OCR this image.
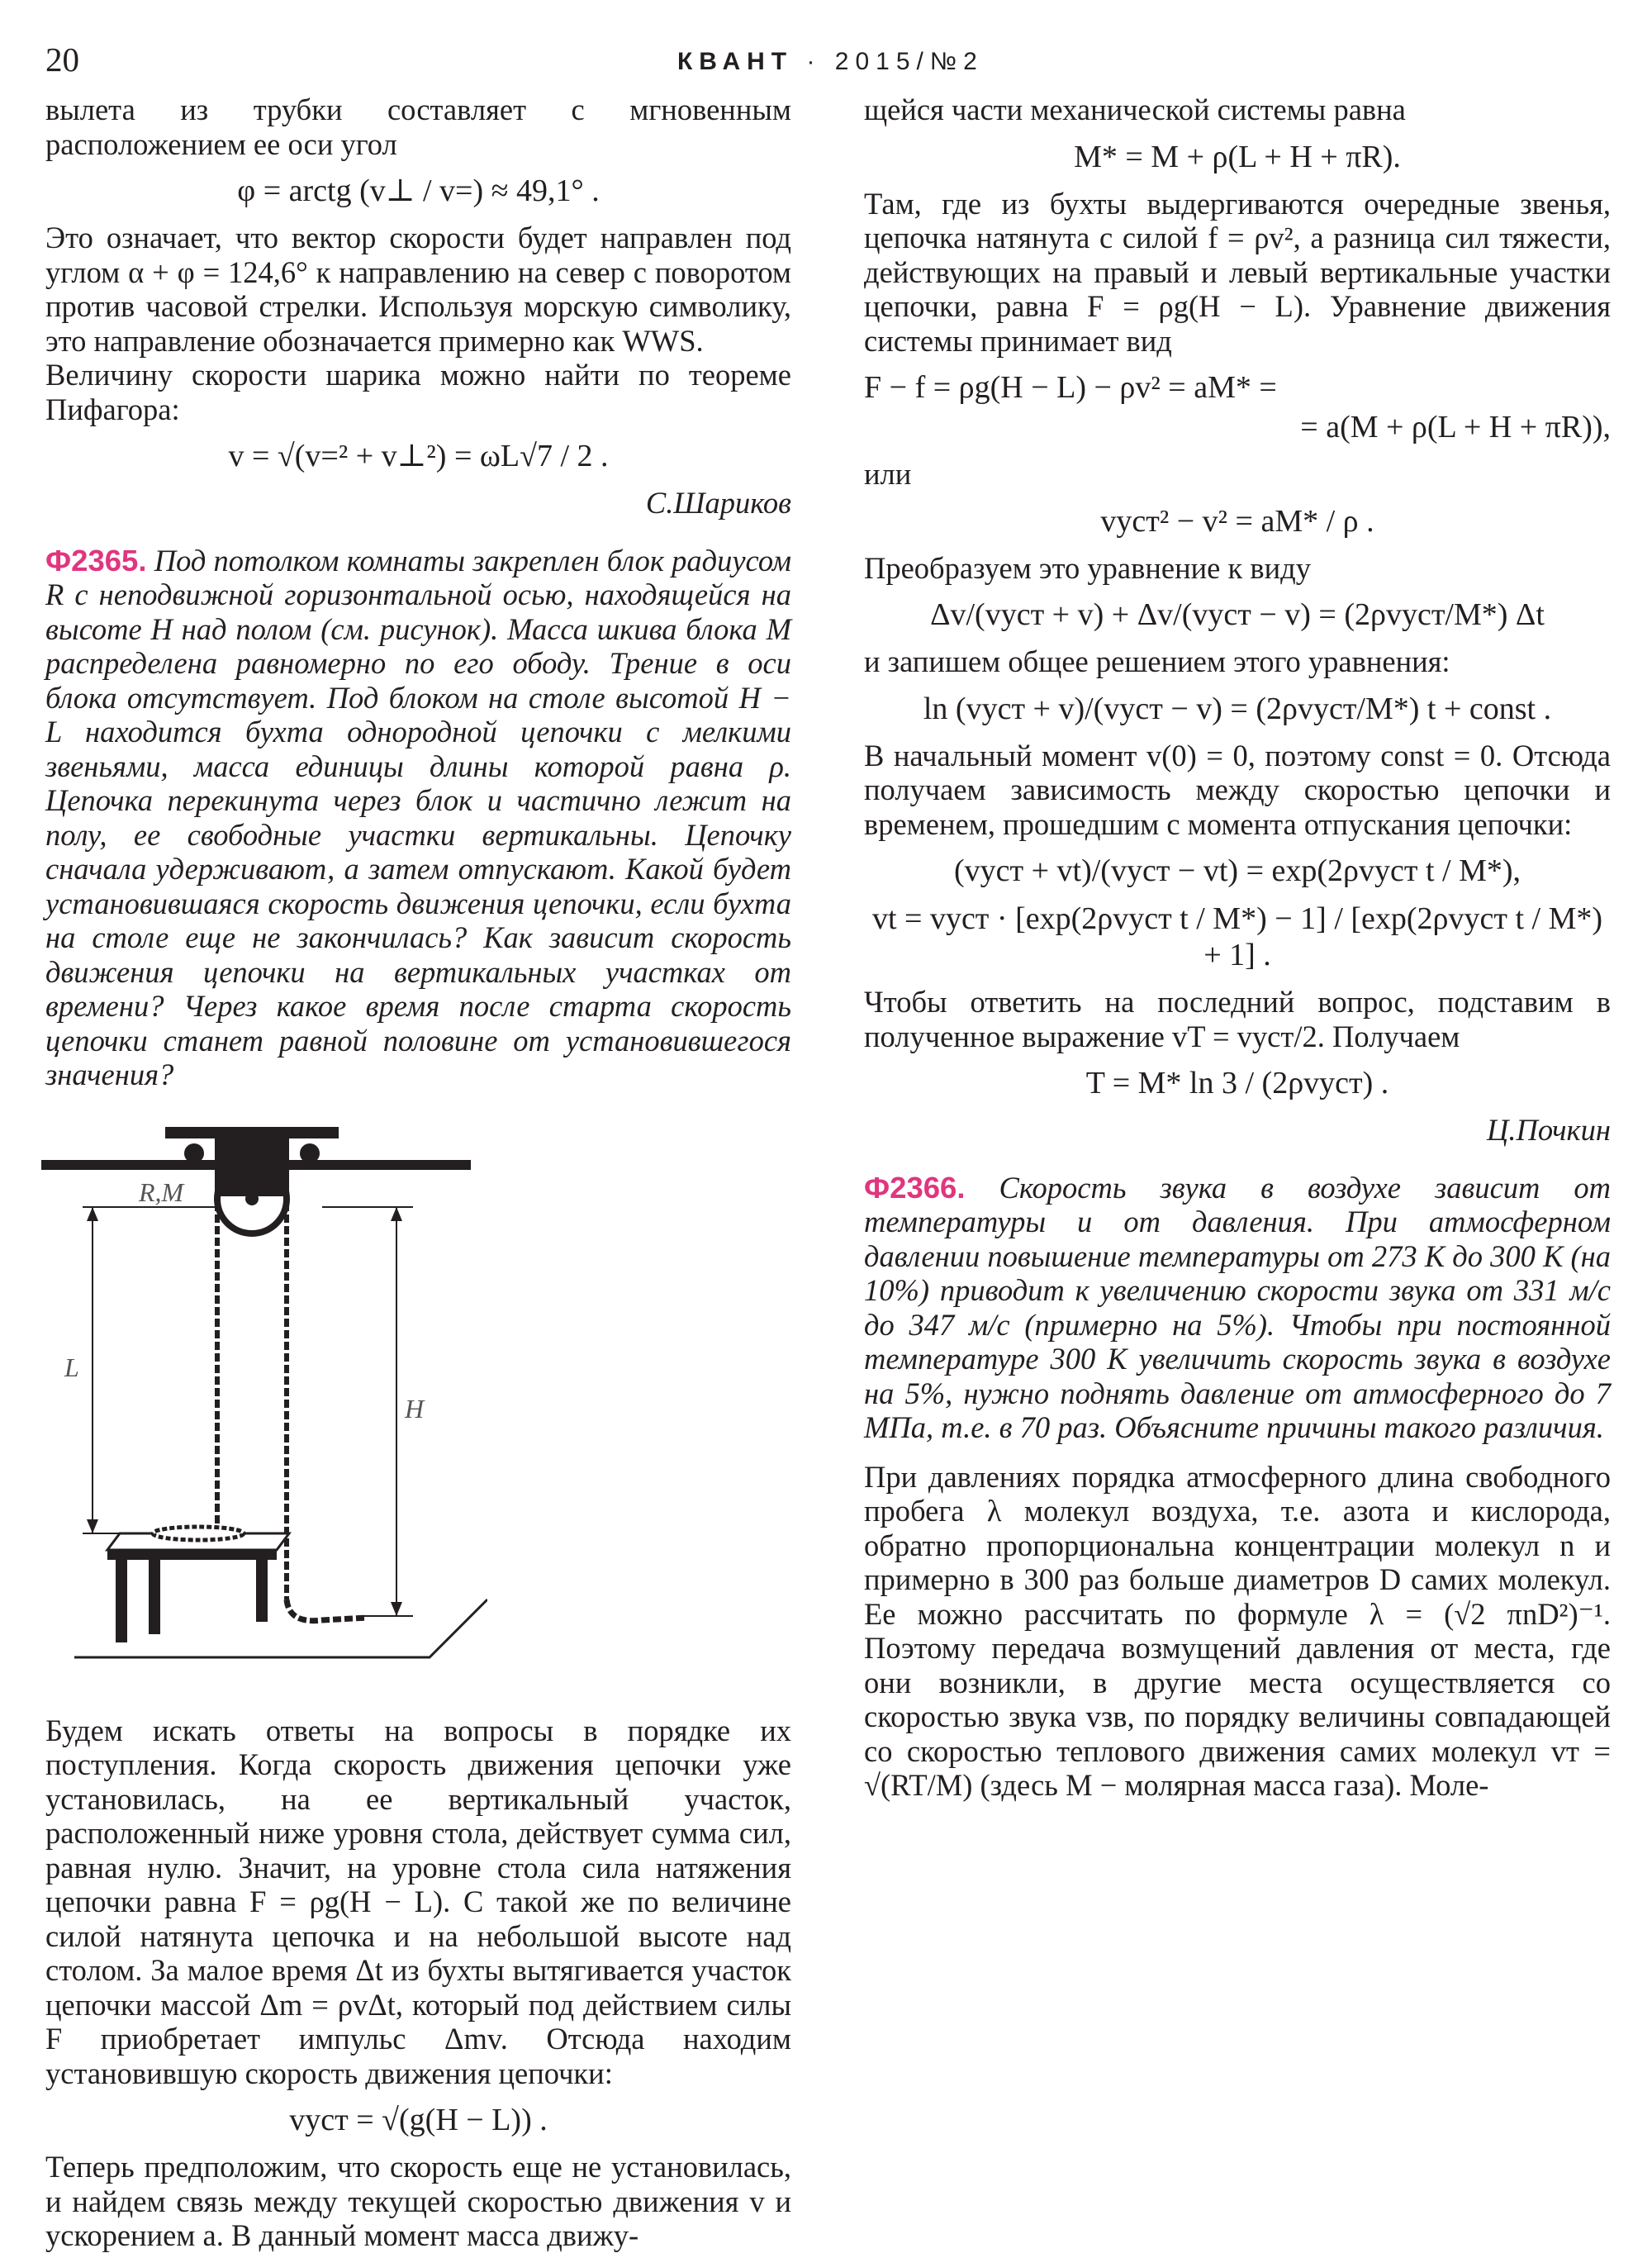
20	КВАНТ · 2015/№2

вылета из трубки составляет с мгновенным расположением ее оси угол

φ = arctg (v⊥ / v=) ≈ 49,1° .

Это означает, что вектор скорости будет направлен под углом α + φ = 124,6° к направлению на север с поворотом против часовой стрелки. Используя морскую символику, это направление обозначается примерно как WWS.

Величину скорости шарика можно найти по теореме Пифагора:

v = √(v=² + v⊥²) = ωL√7 / 2 .

С.Шариков

Ф2365. Под потолком комнаты закреплен блок радиусом R с неподвижной горизонтальной осью, находящейся на высоте H над полом (см. рисунок). Масса шкива блока M распределена равномерно по его ободу. Трение в оси блока отсутствует. Под блоком на столе высотой H − L находится бухта однородной цепочки с мелкими звеньями, масса единицы длины которой равна ρ. Цепочка перекинута через блок и частично лежит на полу, ее свободные участки вертикальны. Цепочку сначала удерживают, а затем отпускают. Какой будет установившаяся скорость движения цепочки, если бухта на столе еще не закончилась? Как зависит скорость движения цепочки на вертикальных участках от времени? Через какое время после старта скорость цепочки станет равной половине от установившегося значения?

R,M
L
H

Будем искать ответы на вопросы в порядке их поступления. Когда скорость движения цепочки уже установилась, на ее вертикальный участок, расположенный ниже уровня стола, действует сумма сил, равная нулю. Значит, на уровне стола сила натяжения цепочки равна F = ρg(H − L). С такой же по величине силой натянута цепочка и на небольшой высоте над столом. За малое время Δt из бухты вытягивается участок цепочки массой Δm = ρvΔt, который под действием силы F приобретает импульс Δmv. Отсюда находим установившую скорость движения цепочки:

vуст = √(g(H − L)) .

Теперь предположим, что скорость еще не установилась, и найдем связь между текущей скоростью движения v и ускорением a. В данный момент масса движу-

щейся части механической системы равна

M* = M + ρ(L + H + πR).

Там, где из бухты выдергиваются очередные звенья, цепочка натянута с силой f = ρv², а разница сил тяжести, действующих на правый и левый вертикальные участки цепочки, равна F = ρg(H − L). Уравнение движения системы принимает вид

F − f = ρg(H − L) − ρv² = aM* =

= a(M + ρ(L + H + πR)),

или

vуст² − v² = aM* / ρ .

Преобразуем это уравнение к виду

Δv/(vуст + v) + Δv/(vуст − v) = (2ρvуст/M*) Δt

и запишем общее решением этого уравнения:

ln (vуст + v)/(vуст − v) = (2ρvуст/M*) t + const .

В начальный момент v(0) = 0, поэтому const = 0. Отсюда получаем зависимость между скоростью цепочки и временем, прошедшим с момента отпускания цепочки:

(vуст + vt)/(vуст − vt) = exp(2ρvуст t / M*),

vt = vуст · [exp(2ρvуст t / M*) − 1] / [exp(2ρvуст t / M*) + 1] .

Чтобы ответить на последний вопрос, подставим в полученное выражение vT = vуст/2. Получаем

T = M* ln 3 / (2ρvуст) .

Ц.Почкин

Ф2366. Скорость звука в воздухе зависит от температуры и от давления. При атмосферном давлении повышение температуры от 273 К до 300 К (на 10%) приводит к увеличению скорости звука от 331 м/с до 347 м/с (примерно на 5%). Чтобы при постоянной температуре 300 К увеличить скорость звука в воздухе на 5%, нужно поднять давление от атмосферного до 7 МПа, т.е. в 70 раз. Объясните причины такого различия.

При давлениях порядка атмосферного длина свободного пробега λ молекул воздуха, т.е. азота и кислорода, обратно пропорциональна концентрации молекул n и примерно в 300 раз больше диаметров D самих молекул. Ее можно рассчитать по формуле λ = (√2 πnD²)⁻¹. Поэтому передача возмущений давления от места, где они возникли, в другие места осуществляется со скоростью звука vзв, по порядку величины совпадающей со скоростью теплового движения самих молекул vт = √(RT/M) (здесь M − молярная масса газа). Моле-
